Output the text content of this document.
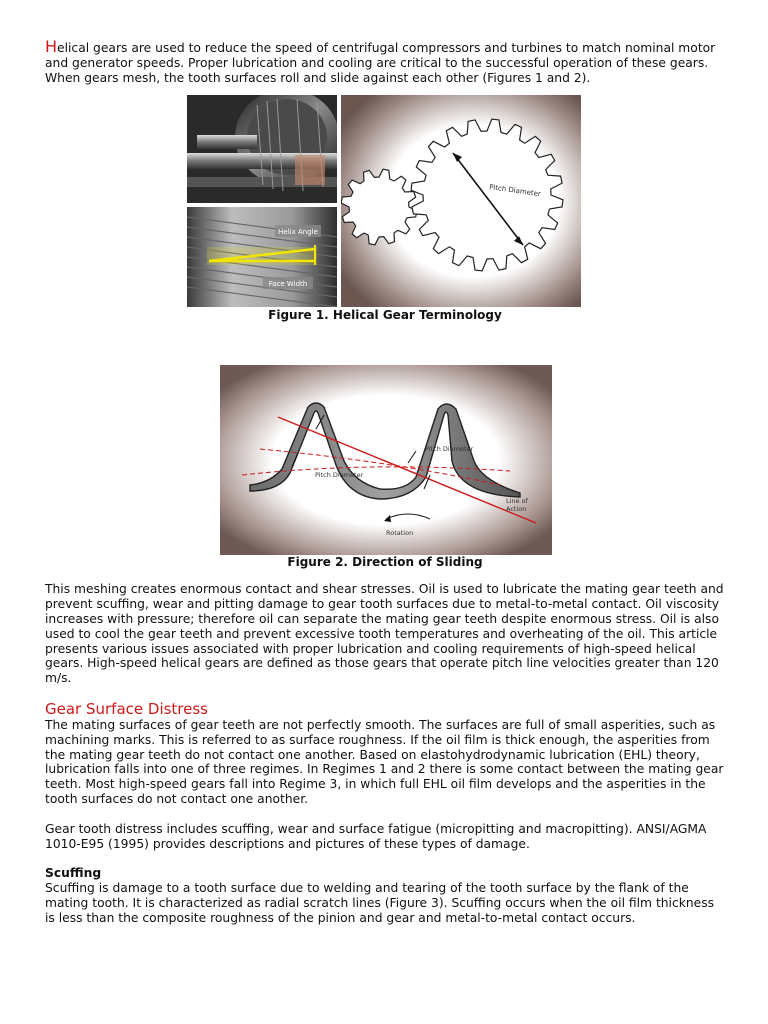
Helical gears are used to reduce the speed of centrifugal compressors and turbines to match nominal motor and generator speeds. Proper lubrication and cooling are critical to the successful operation of these gears. When gears mesh, the tooth surfaces roll and slide against each other (Figures 1 and 2).

Helix Angle
Face Width
Pitch Diameter
Figure 1. Helical Gear Terminology
Pitch Diameter
Pitch Diameter
Line of
Action
Rotation
Figure 2. Direction of Sliding

This meshing creates enormous contact and shear stresses. Oil is used to lubricate the mating gear teeth and prevent scuffing, wear and pitting damage to gear tooth surfaces due to metal-to-metal contact. Oil viscosity increases with pressure; therefore oil can separate the mating gear teeth despite enormous stress. Oil is also used to cool the gear teeth and prevent excessive tooth temperatures and overheating of the oil. This article presents various issues associated with proper lubrication and cooling requirements of high-speed helical gears. High-speed helical gears are defined as those gears that operate pitch line velocities greater than 120 m/s.

Gear Surface Distress

The mating surfaces of gear teeth are not perfectly smooth. The surfaces are full of small asperities, such as machining marks. This is referred to as surface roughness. If the oil film is thick enough, the asperities from the mating gear teeth do not contact one another. Based on elastohydrodynamic lubrication (EHL) theory, lubrication falls into one of three regimes. In Regimes 1 and 2 there is some contact between the mating gear teeth. Most high-speed gears fall into Regime 3, in which full EHL oil film develops and the asperities in the tooth surfaces do not contact one another.

Gear tooth distress includes scuffing, wear and surface fatigue (micropitting and macropitting). ANSI/AGMA 1010-E95 (1995) provides descriptions and pictures of these types of damage.

Scuffing

Scuffing is damage to a tooth surface due to welding and tearing of the tooth surface by the flank of the mating tooth. It is characterized as radial scratch lines (Figure 3). Scuffing occurs when the oil film thickness is less than the composite roughness of the pinion and gear and metal-to-metal contact occurs.
